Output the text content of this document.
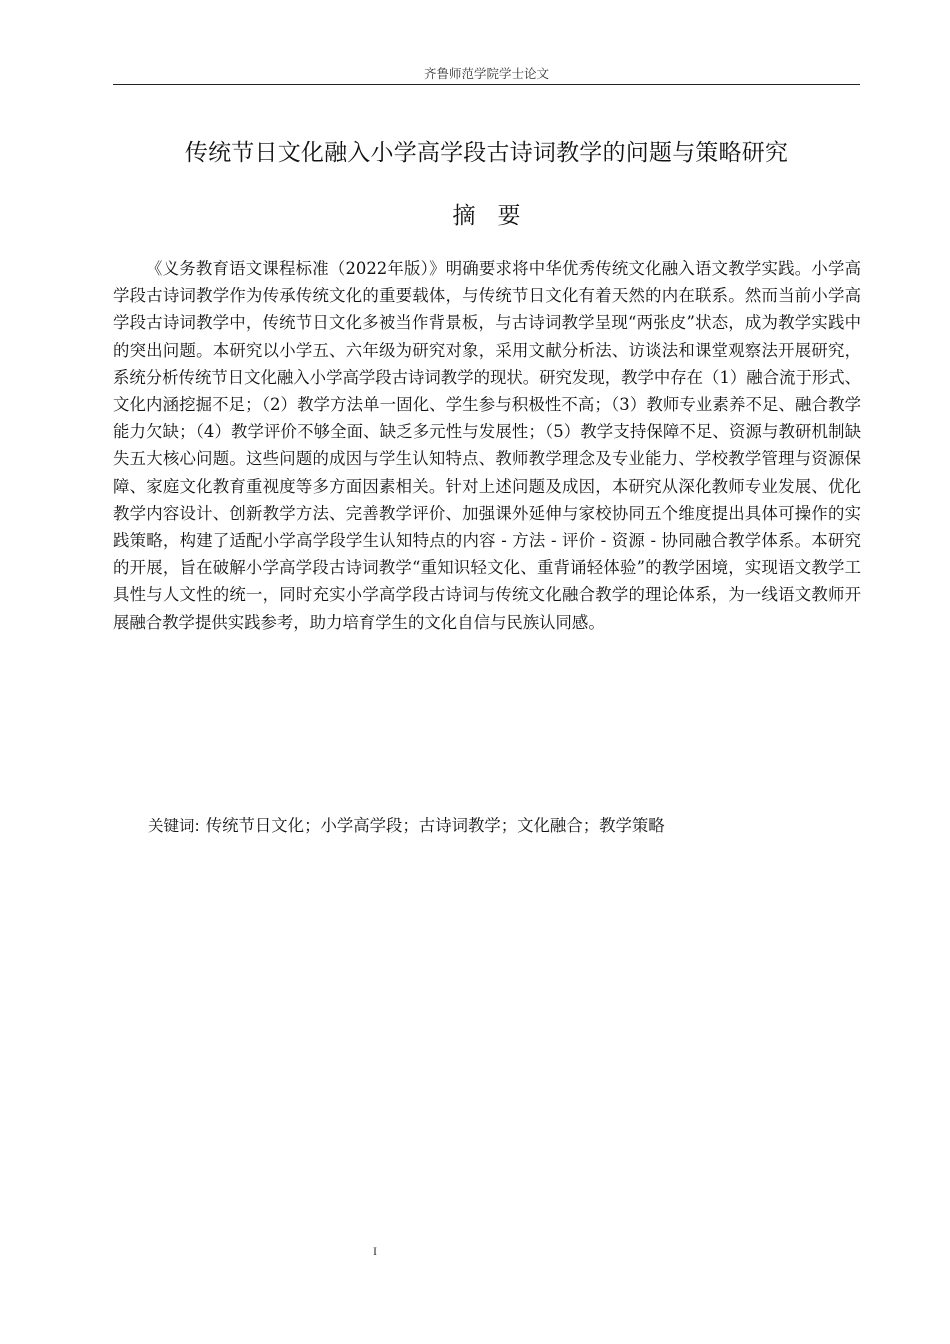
齐鲁师范学院学士论文
传统节日文化融入小学高学段古诗词教学的问题与策略研究
摘 要

《义务教育语文课程标准（2022年版）》明确要求将中华优秀传统文化融入语文教学实践。小学高学段古诗词教学作为传承传统文化的重要载体，与传统节日文化有着天然的内在联系。然而当前小学高学段古诗词教学中，传统节日文化多被当作背景板，与古诗词教学呈现“两张皮”状态，成为教学实践中的突出问题。本研究以小学五、六年级为研究对象，采用文献分析法、访谈法和课堂观察法开展研究，系统分析传统节日文化融入小学高学段古诗词教学的现状。研究发现，教学中存在（1）融合流于形式、文化内涵挖掘不足；（2）教学方法单一固化、学生参与积极性不高；（3）教师专业素养不足、融合教学能力欠缺；（4）教学评价不够全面、缺乏多元性与发展性；（5）教学支持保障不足、资源与教研机制缺失五大核心问题。这些问题的成因与学生认知特点、教师教学理念及专业能力、学校教学管理与资源保障、家庭文化教育重视度等多方面因素相关。针对上述问题及成因，本研究从深化教师专业发展、优化教学内容设计、创新教学方法、完善教学评价、加强课外延伸与家校协同五个维度提出具体可操作的实践策略，构建了适配小学高学段学生认知特点的内容 - 方法 - 评价 - 资源 - 协同融合教学体系。本研究的开展，旨在破解小学高学段古诗词教学“重知识轻文化、重背诵轻体验”的教学困境，实现语文教学工具性与人文性的统一，同时充实小学高学段古诗词与传统文化融合教学的理论体系，为一线语文教师开展融合教学提供实践参考，助力培育学生的文化自信与民族认同感。

关键词: 传统节日文化；小学高学段；古诗词教学；文化融合；教学策略
I
